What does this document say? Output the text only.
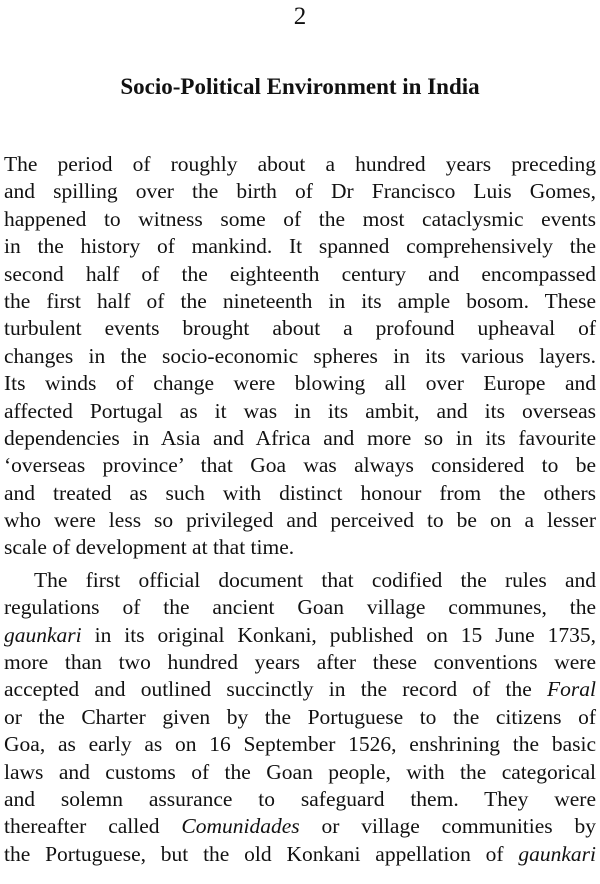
2
Socio-Political Environment in India
The period of roughly about a hundred years preceding
and spilling over the birth of Dr Francisco Luis Gomes,
happened to witness some of the most cataclysmic events
in the history of mankind. It spanned comprehensively the
second half of the eighteenth century and encompassed
the first half of the nineteenth in its ample bosom. These
turbulent events brought about a profound upheaval of
changes in the socio-economic spheres in its various layers.
Its winds of change were blowing all over Europe and
affected Portugal as it was in its ambit, and its overseas
dependencies in Asia and Africa and more so in its favourite
‘overseas province’ that Goa was always considered to be
and treated as such with distinct honour from the others
who were less so privileged and perceived to be on a lesser
scale of development at that time.
The first official document that codified the rules and
regulations of the ancient Goan village communes, the
gaunkari in its original Konkani, published on 15 June 1735,
more than two hundred years after these conventions were
accepted and outlined succinctly in the record of the Foral
or the Charter given by the Portuguese to the citizens of
Goa, as early as on 16 September 1526, enshrining the basic
laws and customs of the Goan people, with the categorical
and solemn assurance to safeguard them. They were
thereafter called Comunidades or village communities by
the Portuguese, but the old Konkani appellation of gaunkari
